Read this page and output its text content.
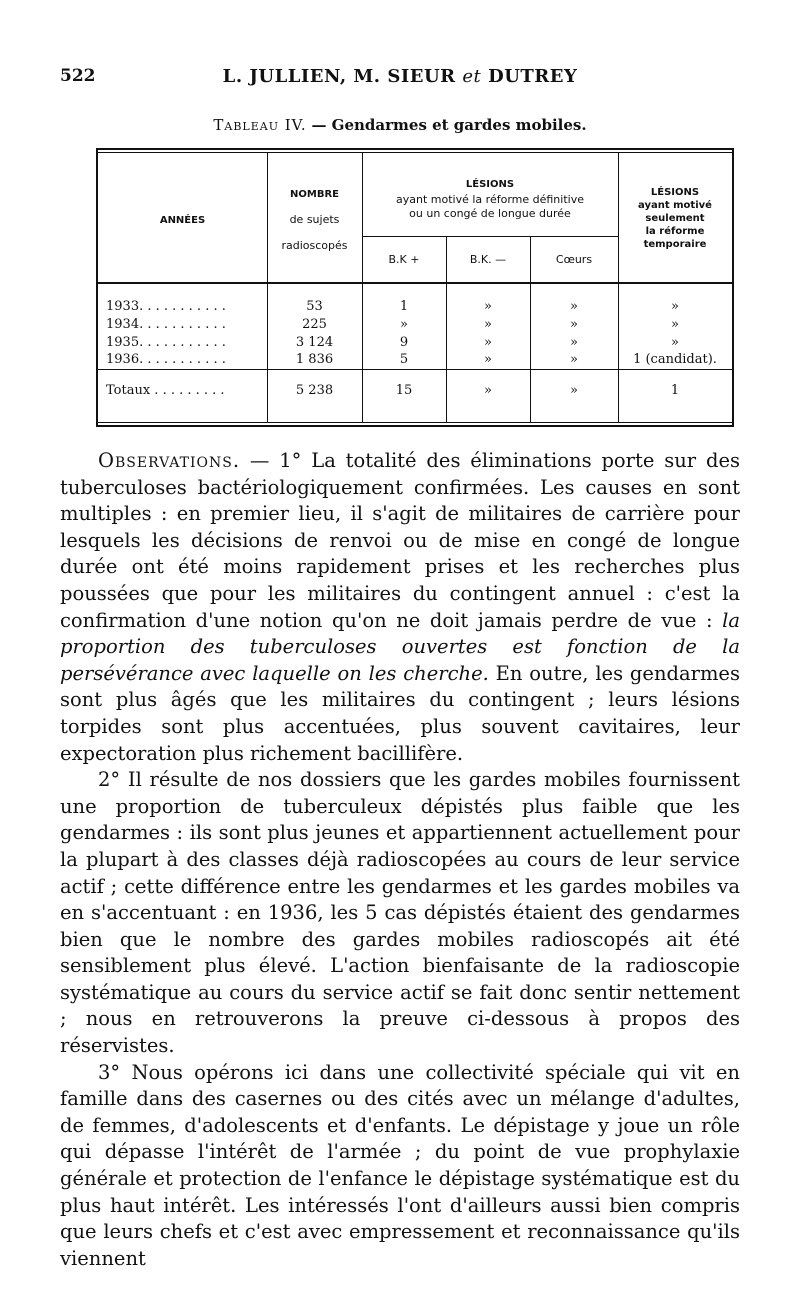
522	L. JULLIEN, M. SIEUR et DUTREY
Tableau IV. — Gendarmes et gardes mobiles.
ANNÉES
NOMBRE
de sujets
radioscopés
LÉSIONS
ayant motivé la réforme définitive
ou un congé de longue durée
B.K +	B.K. —	Cœurs
LÉSIONS
ayant motivé
seulement
la réforme
temporaire
1933. . . . . . . . . . .	53	1	»	»	»
1934. . . . . . . . . . .	225	»	»	»	»
1935. . . . . . . . . . .	3 124	9	»	»	»
1936. . . . . . . . . . .	1 836	5	»	»	1 (candidat).
Totaux . . . . . . . . .	5 238	15	»	»	1

Observations. — 1° La totalité des éliminations porte sur des tuberculoses bactériologiquement confirmées. Les causes en sont multiples : en premier lieu, il s'agit de militaires de carrière pour lesquels les décisions de renvoi ou de mise en congé de longue durée ont été moins rapidement prises et les recherches plus poussées que pour les militaires du contingent annuel : c'est la confirmation d'une notion qu'on ne doit jamais perdre de vue : la proportion des tuberculoses ouvertes est fonction de la persévérance avec laquelle on les cherche. En outre, les gendarmes sont plus âgés que les militaires du contingent ; leurs lésions torpides sont plus accentuées, plus souvent cavitaires, leur expectoration plus richement bacillifère.

2° Il résulte de nos dossiers que les gardes mobiles fournissent une proportion de tuberculeux dépistés plus faible que les gendarmes : ils sont plus jeunes et appartiennent actuellement pour la plupart à des classes déjà radioscopées au cours de leur service actif ; cette différence entre les gendarmes et les gardes mobiles va en s'accentuant : en 1936, les 5 cas dépistés étaient des gendarmes bien que le nombre des gardes mobiles radioscopés ait été sensiblement plus élevé. L'action bienfaisante de la radioscopie systématique au cours du service actif se fait donc sentir nettement ; nous en retrouverons la preuve ci-dessous à propos des réservistes.

3° Nous opérons ici dans une collectivité spéciale qui vit en famille dans des casernes ou des cités avec un mélange d'adultes, de femmes, d'adolescents et d'enfants. Le dépistage y joue un rôle qui dépasse l'intérêt de l'armée ; du point de vue prophylaxie générale et protection de l'enfance le dépistage systématique est du plus haut intérêt. Les intéressés l'ont d'ailleurs aussi bien compris que leurs chefs et c'est avec empressement et reconnaissance qu'ils viennent
